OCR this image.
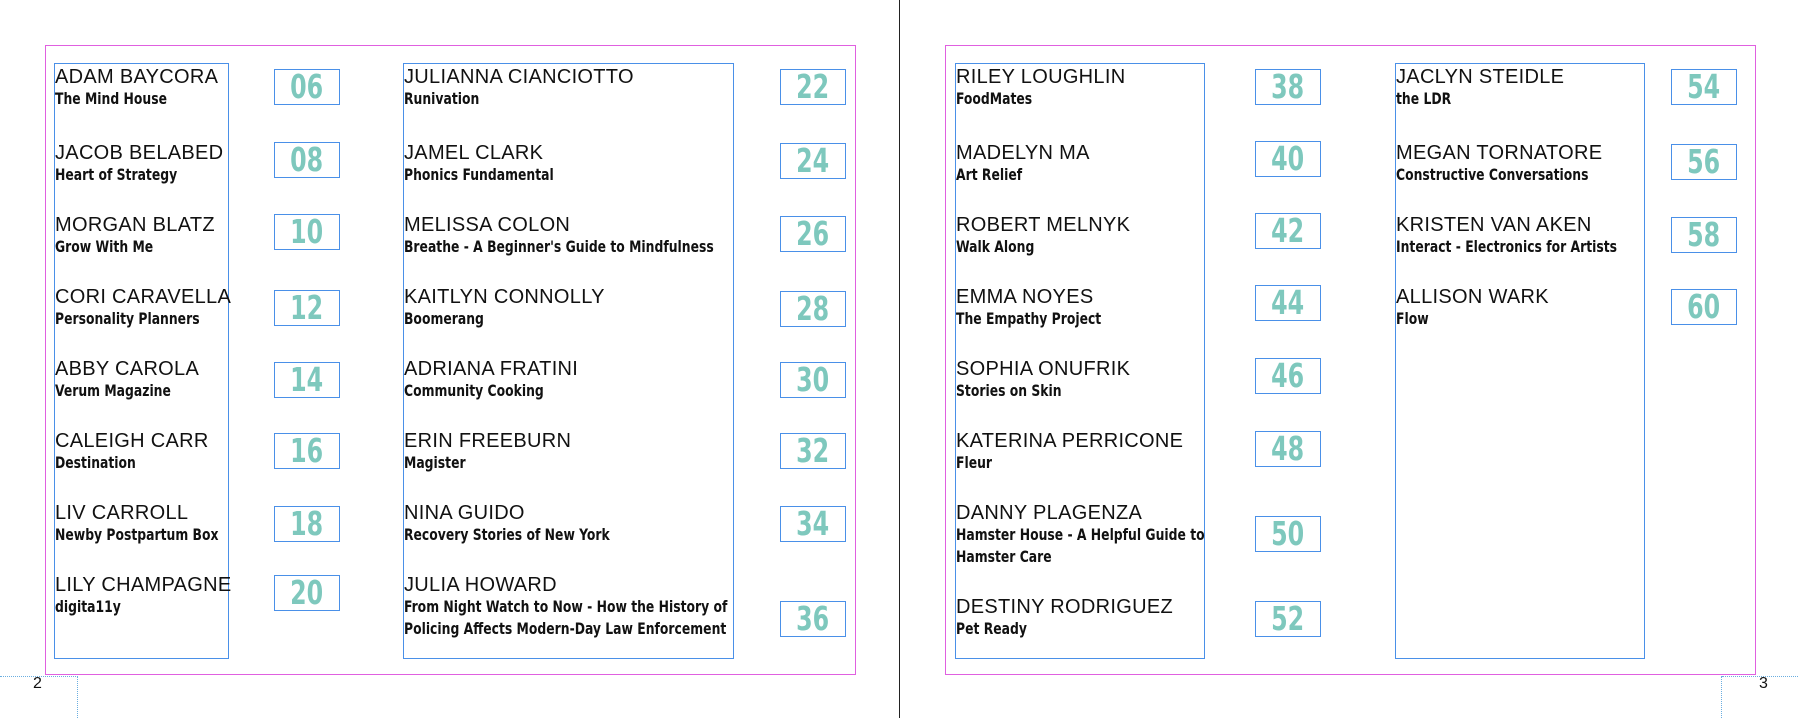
ADAM BAYCORA
The Mind House	06
JACOB BELABED
Heart of Strategy	08
MORGAN BLATZ
Grow With Me	10
CORI CARAVELLA
Personality Planners	12
ABBY CAROLA
Verum Magazine	14
CALEIGH CARR
Destination	16
LIV CARROLL
Newby Postpartum Box 18
LILY CHAMPAGNE
digita11y	20
JULIANNA CIANCIOTTO
Runivation	22
JAMEL CLARK
Phonics Fundamental	24
MELISSA COLON
Breathe - A Beginner's Guide to Mindfulness	26
KAITLYN CONNOLLY
Boomerang	28
ADRIANA FRATINI
Community Cooking	30
ERIN FREEBURN
Magister	32
NINA GUIDO
Recovery Stories of New York	34
JULIA HOWARD
From Night Watch to Now - How the History of
Policing Affects Modern-Day Law Enforcement 36
RILEY LOUGHLIN
FoodMates	38
MADELYN MA
Art Relief	40
ROBERT MELNYK
Walk Along	42
EMMA NOYES
The Empathy Project	44
SOPHIA ONUFRIK
Stories on Skin	46
KATERINA PERRICONE
Fleur	48
DANNY PLAGENZA
Hamster House - A Helpful Guide to
Hamster Care
50
DESTINY RODRIGUEZ
Pet Ready	52
JACLYN STEIDLE
the LDR	54
MEGAN TORNATORE
Constructive Conversations	56
KRISTEN VAN AKEN
Interact - Electronics for Artists 58
ALLISON WARK
Flow	60
2	3
